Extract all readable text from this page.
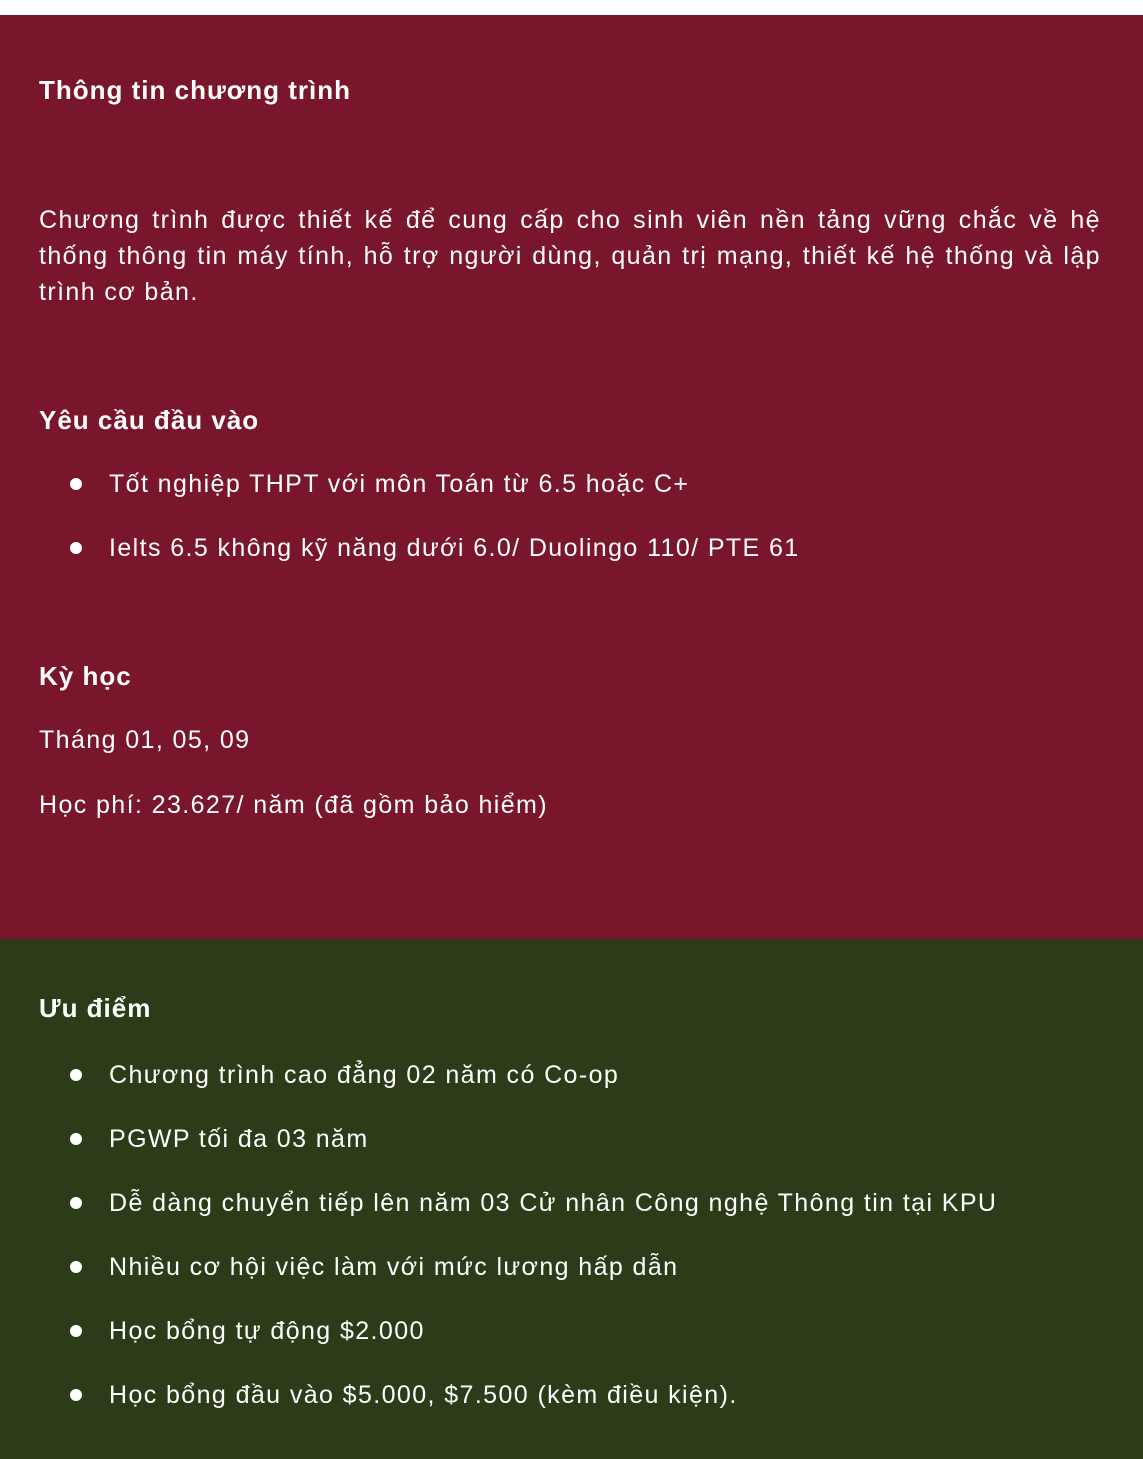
Thông tin chương trình

Chương trình được thiết kế để cung cấp cho sinh viên nền tảng vững chắc về hệ thống thông tin máy tính, hỗ trợ người dùng, quản trị mạng, thiết kế hệ thống và lập trình cơ bản.

Yêu cầu đầu vào
Tốt nghiệp THPT với môn Toán từ 6.5 hoặc C+
Ielts 6.5 không kỹ năng dưới 6.0/ Duolingo 110/ PTE 61
Kỳ học

Tháng 01, 05, 09

Học phí: 23.627/ năm (đã gồm bảo hiểm)

Ưu điểm
Chương trình cao đẳng 02 năm có Co-op
PGWP tối đa 03 năm
Dễ dàng chuyển tiếp lên năm 03 Cử nhân Công nghệ Thông tin tại KPU
Nhiều cơ hội việc làm với mức lương hấp dẫn
Học bổng tự động $2.000
Học bổng đầu vào $5.000, $7.500 (kèm điều kiện).
